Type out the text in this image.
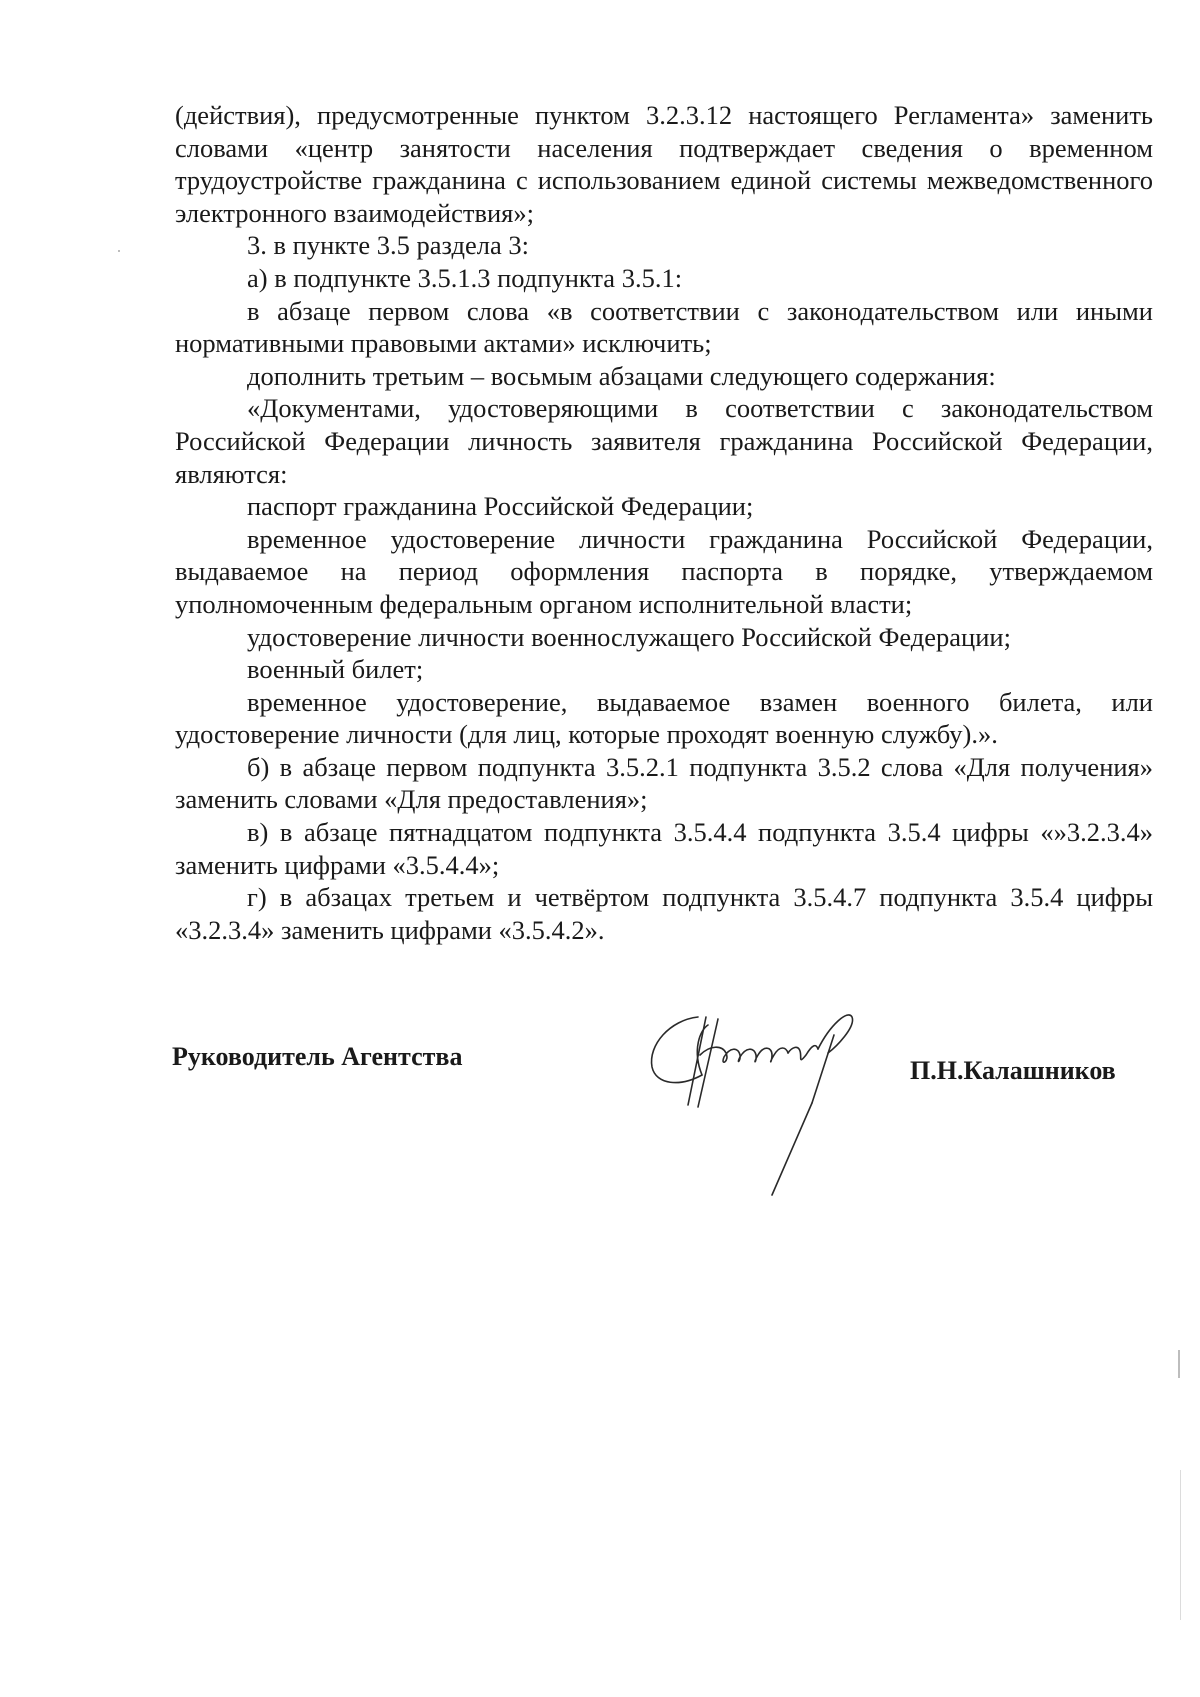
(действия), предусмотренные пунктом 3.2.3.12 настоящего Регламента» заменить словами «центр занятости населения подтверждает сведения о временном трудоустройстве гражданина с использованием единой системы межведомственного электронного взаимодействия»;

3. в пункте 3.5 раздела 3:

а) в подпункте 3.5.1.3 подпункта 3.5.1:

в абзаце первом слова «в соответствии с законодательством или иными нормативными правовыми актами» исключить;

дополнить третьим – восьмым абзацами следующего содержания:

«Документами, удостоверяющими в соответствии с законодательством Российской Федерации личность заявителя гражданина Российской Федерации, являются:

паспорт гражданина Российской Федерации;

временное удостоверение личности гражданина Российской Федерации, выдаваемое на период оформления паспорта в порядке, утверждаемом уполномоченным федеральным органом исполнительной власти;

удостоверение личности военнослужащего Российской Федерации;

военный билет;

временное удостоверение, выдаваемое взамен военного билета, или удостоверение личности (для лиц, которые проходят военную службу).».

б) в абзаце первом подпункта 3.5.2.1 подпункта 3.5.2 слова «Для получения» заменить словами «Для предоставления»;

в) в абзаце пятнадцатом подпункта 3.5.4.4 подпункта 3.5.4 цифры «»3.2.3.4» заменить цифрами «3.5.4.4»;

г) в абзацах третьем и четвёртом подпункта 3.5.4.7 подпункта 3.5.4 цифры «3.2.3.4» заменить цифрами «3.5.4.2».

Руководитель Агентства	П.Н.Калашников
